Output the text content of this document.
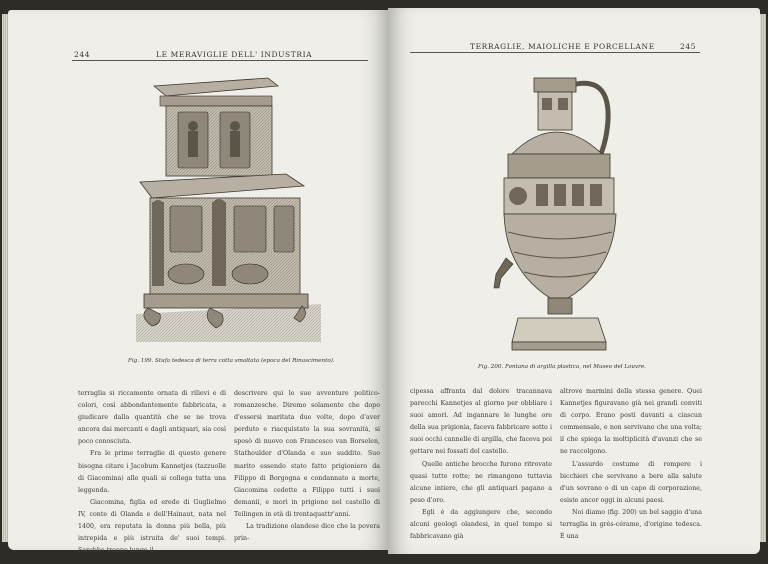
244	LE MERAVIGLIE DELL' INDUSTRIA
Fig. 199. Stufa tedesca di terra cotta smaltata (epoca del Rinascimento).

terraglia si riccamente ornata di rilievi e di colori, così abbondantemente fabbricata, a giudicare dalla quantità che se ne trova ancora dai mercanti e dagli antiquari, sia così poco conosciuta.

Fra le prime terraglie di questo genere bisogna citare i Jacobum Kannetjes (tazzuolle di Giacomina) alle quali si collega tutta una leggenda.

Giacomina, figlia ed erede di Guglielmo IV, conte di Olanda e dell'Hainaut, nata nel 1400, era reputata la donna più bella, più intrepida e più istruita de' suoi tempi. Sarebbe troppo lungo il

descrivere qui le sue avventure politico-romanzesche. Diremo solamente che dopo d'essersi maritata due volte, dopo d'aver perduto e riacquistato la sua sovranità, si sposò di nuovo con Francesco van Borselen, Stathoulder d'Olanda e suo suddito. Suo marito essendo stato fatto prigioniero da Filippo di Borgogna e condannato a morte, Giacomina cedette a Filippo tutti i suoi demanii, e morì in prigione nel castello di Teilingen in età di trentaquattr'anni.

La tradizione olandese dice che la povera prin-

TERRAGLIE, MAIOLICHE E PORCELLANE	245
Fig. 200. Fontana di argilla plastica, nel Museo del Louvre.

cipessa affranta dal dolore tracannava parecchi Kannetjes al giorno per obbliare i suoi amori. Ad ingannare le lunghe ore della sua prigionia, faceva fabbricare sotto i suoi occhi cannelle di argilla, che faceva poi gettare nei fossati del castello.

Quelle antiche brocche furono ritrovate quasi tutte rotte; ne rimangono tuttavia alcune intiere, che gli antiquari pagano a peso d'oro.

Egli è da aggiungere che, secondo alcuni geologi olandesi, in quel tempo si fabbricavano già

altrove marmini della stessa genere. Quei Kannetjes figuravano già nei grandi conviti di corpo. Erano posti davanti a ciascun commensale, e non servivano che una volta; il che spiega la moltiplicità d'avanzi che se ne raccolgono.

L'assurdo costume di rompere i bicchieri che servivano a bere alla salute d'un sovrano o di un capo di corporazione, esiste ancor oggi in alcuni paesi.

Noi diamo (fig. 200) un bel saggio d'una terraglia in grès-cérame, d'origine tedesca. È una
